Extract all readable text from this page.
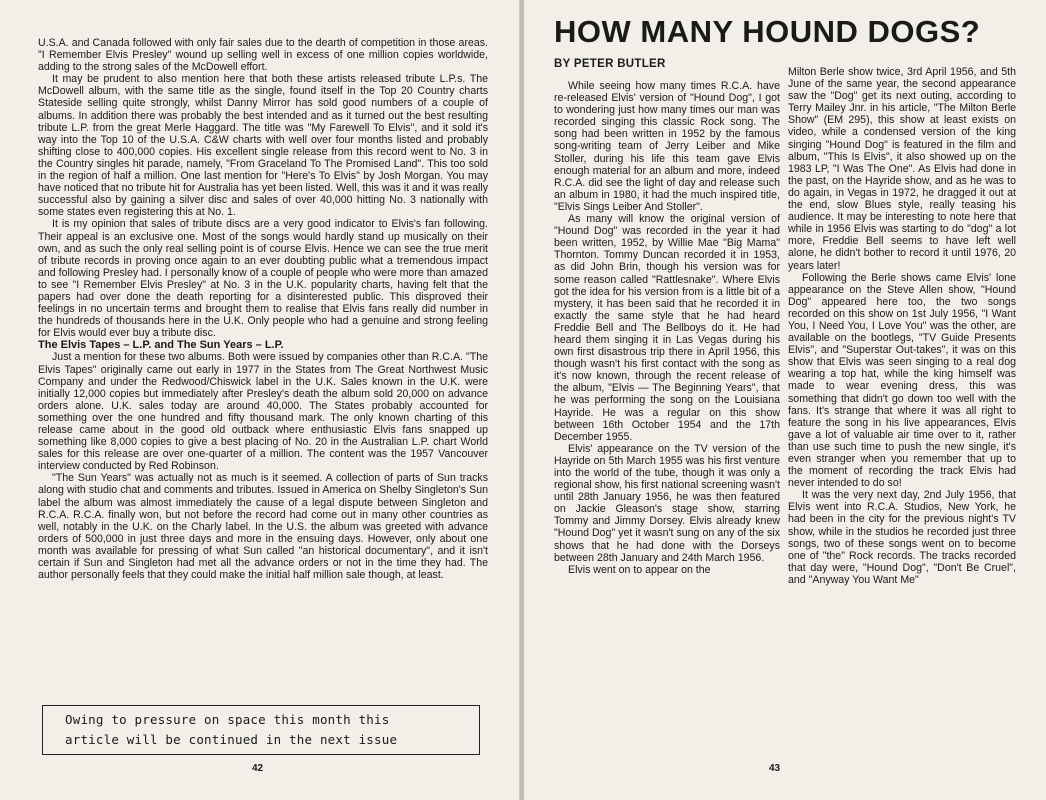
U.S.A. and Canada followed with only fair sales due to the dearth of competition in those areas. "I Remember Elvis Presley" wound up selling well in excess of one million copies worldwide, adding to the strong sales of the McDowell effort.

It may be prudent to also mention here that both these artists released tribute L.P.s. The McDowell album, with the same title as the single, found itself in the Top 20 Country charts Stateside selling quite strongly, whilst Danny Mirror has sold good numbers of a couple of albums. In addition there was probably the best intended and as it turned out the best resulting tribute L.P. from the great Merle Haggard. The title was "My Farewell To Elvis", and it sold it's way into the Top 10 of the U.S.A. C&W charts with well over four months listed and probably shifting close to 400,000 copies. His excellent single release from this record went to No. 3 in the Country singles hit parade, namely, "From Graceland To The Promised Land". This too sold in the region of half a million. One last mention for "Here's To Elvis" by Josh Morgan. You may have noticed that no tribute hit for Australia has yet been listed. Well, this was it and it was really successful also by gaining a silver disc and sales of over 40,000 hitting No. 3 nationally with some states even registering this at No. 1.

It is my opinion that sales of tribute discs are a very good indicator to Elvis's fan following. Their appeal is an exclusive one. Most of the songs would hardly stand up musically on their own, and as such the only real selling point is of course Elvis. Hence we can see the true merit of tribute records in proving once again to an ever doubting public what a tremendous impact and following Presley had. I personally know of a couple of people who were more than amazed to see "I Remember Elvis Presley" at No. 3 in the U.K. popularity charts, having felt that the papers had over done the death reporting for a disinterested public. This disproved their feelings in no uncertain terms and brought them to realise that Elvis fans really did number in the hundreds of thousands here in the U.K. Only people who had a genuine and strong feeling for Elvis would ever buy a tribute disc.

The Elvis Tapes – L.P. and The Sun Years – L.P.

Just a mention for these two albums. Both were issued by companies other than R.C.A. "The Elvis Tapes" originally came out early in 1977 in the States from The Great Northwest Music Company and under the Redwood/Chiswick label in the U.K. Sales known in the U.K. were initially 12,000 copies but immediately after Presley's death the album sold 20,000 on advance orders alone. U.K. sales today are around 40,000. The States probably accounted for something over the one hundred and fifty thousand mark. The only known charting of this release came about in the good old outback where enthusiastic Elvis fans snapped up something like 8,000 copies to give a best placing of No. 20 in the Australian L.P. chart World sales for this release are over one-quarter of a million. The content was the 1957 Vancouver interview conducted by Red Robinson.

"The Sun Years" was actually not as much is it seemed. A collection of parts of Sun tracks along with studio chat and comments and tributes. Issued in America on Shelby Singleton's Sun label the album was almost immediately the cause of a legal dispute between Singleton and R.C.A. R.C.A. finally won, but not before the record had come out in many other countries as well, notably in the U.K. on the Charly label. In the U.S. the album was greeted with advance orders of 500,000 in just three days and more in the ensuing days. However, only about one month was available for pressing of what Sun called "an historical documentary", and it isn't certain if Sun and Singleton had met all the advance orders or not in the time they had. The author personally feels that they could make the initial half million sale though, at least.

Owing to pressure on space this month this
article will be continued in the next issue
42
HOW MANY HOUND DOGS?
BY PETER BUTLER

While seeing how many times R.C.A. have re-released Elvis' version of "Hound Dog", I got to wondering just how many times our man was recorded singing this classic Rock song. The song had been written in 1952 by the famous song-writing team of Jerry Leiber and Mike Stoller, during his life this team gave Elvis enough material for an album and more, indeed R.C.A. did see the light of day and release such an album in 1980, it had the much inspired title, "Elvis Sings Leiber And Stoller".

As many will know the original version of "Hound Dog" was recorded in the year it had been written, 1952, by Willie Mae "Big Mama" Thornton. Tommy Duncan recorded it in 1953, as did John Brin, though his version was for some reason called "Rattlesnake". Where Elvis got the idea for his version from is a little bit of a mystery, it has been said that he recorded it in exactly the same style that he had heard Freddie Bell and The Bellboys do it. He had heard them singing it in Las Vegas during his own first disastrous trip there in April 1956, this though wasn't his first contact with the song as it's now known, through the recent release of the album, "Elvis — The Beginning Years", that he was performing the song on the Louisiana Hayride. He was a regular on this show between 16th October 1954 and the 17th December 1955.

Elvis' appearance on the TV version of the Hayride on 5th March 1955 was his first venture into the world of the tube, though it was only a regional show, his first national screening wasn't until 28th January 1956, he was then featured on Jackie Gleason's stage show, starring Tommy and Jimmy Dorsey. Elvis already knew "Hound Dog" yet it wasn't sung on any of the six shows that he had done with the Dorseys between 28th January and 24th March 1956.

Elvis went on to appear on the

Milton Berle show twice, 3rd April 1956, and 5th June of the same year, the second appearance saw the "Dog" get its next outing, according to Terry Mailey Jnr. in his article, "The Milton Berle Show" (EM 295), this show at least exists on video, while a condensed version of the king singing "Hound Dog" is featured in the film and album, "This Is Elvis", it also showed up on the 1983 LP, "I Was The One". As Elvis had done in the past, on the Hayride show, and as he was to do again, in Vegas in 1972, he dragged it out at the end, slow Blues style, really teasing his audience. It may be interesting to note here that while in 1956 Elvis was starting to do "dog" a lot more, Freddie Bell seems to have left well alone, he didn't bother to record it until 1976, 20 years later!

Following the Berle shows came Elvis' lone appearance on the Steve Allen show, "Hound Dog" appeared here too, the two songs recorded on this show on 1st July 1956, "I Want You, I Need You, I Love You" was the other, are available on the bootlegs, "TV Guide Presents Elvis", and "Superstar Out-takes", it was on this show that Elvis was seen singing to a real dog wearing a top hat, while the king himself was made to wear evening dress, this was something that didn't go down too well with the fans. It's strange that where it was all right to feature the song in his live appearances, Elvis gave a lot of valuable air time over to it, rather than use such time to push the new single, it's even stranger when you remember that up to the moment of recording the track Elvis had never intended to do so!

It was the very next day, 2nd July 1956, that Elvis went into R.C.A. Studios, New York, he had been in the city for the previous night's TV show, while in the studios he recorded just three songs, two of these songs went on to become one of "the" Rock records. The tracks recorded that day were, "Hound Dog", "Don't Be Cruel", and "Anyway You Want Me"

43
